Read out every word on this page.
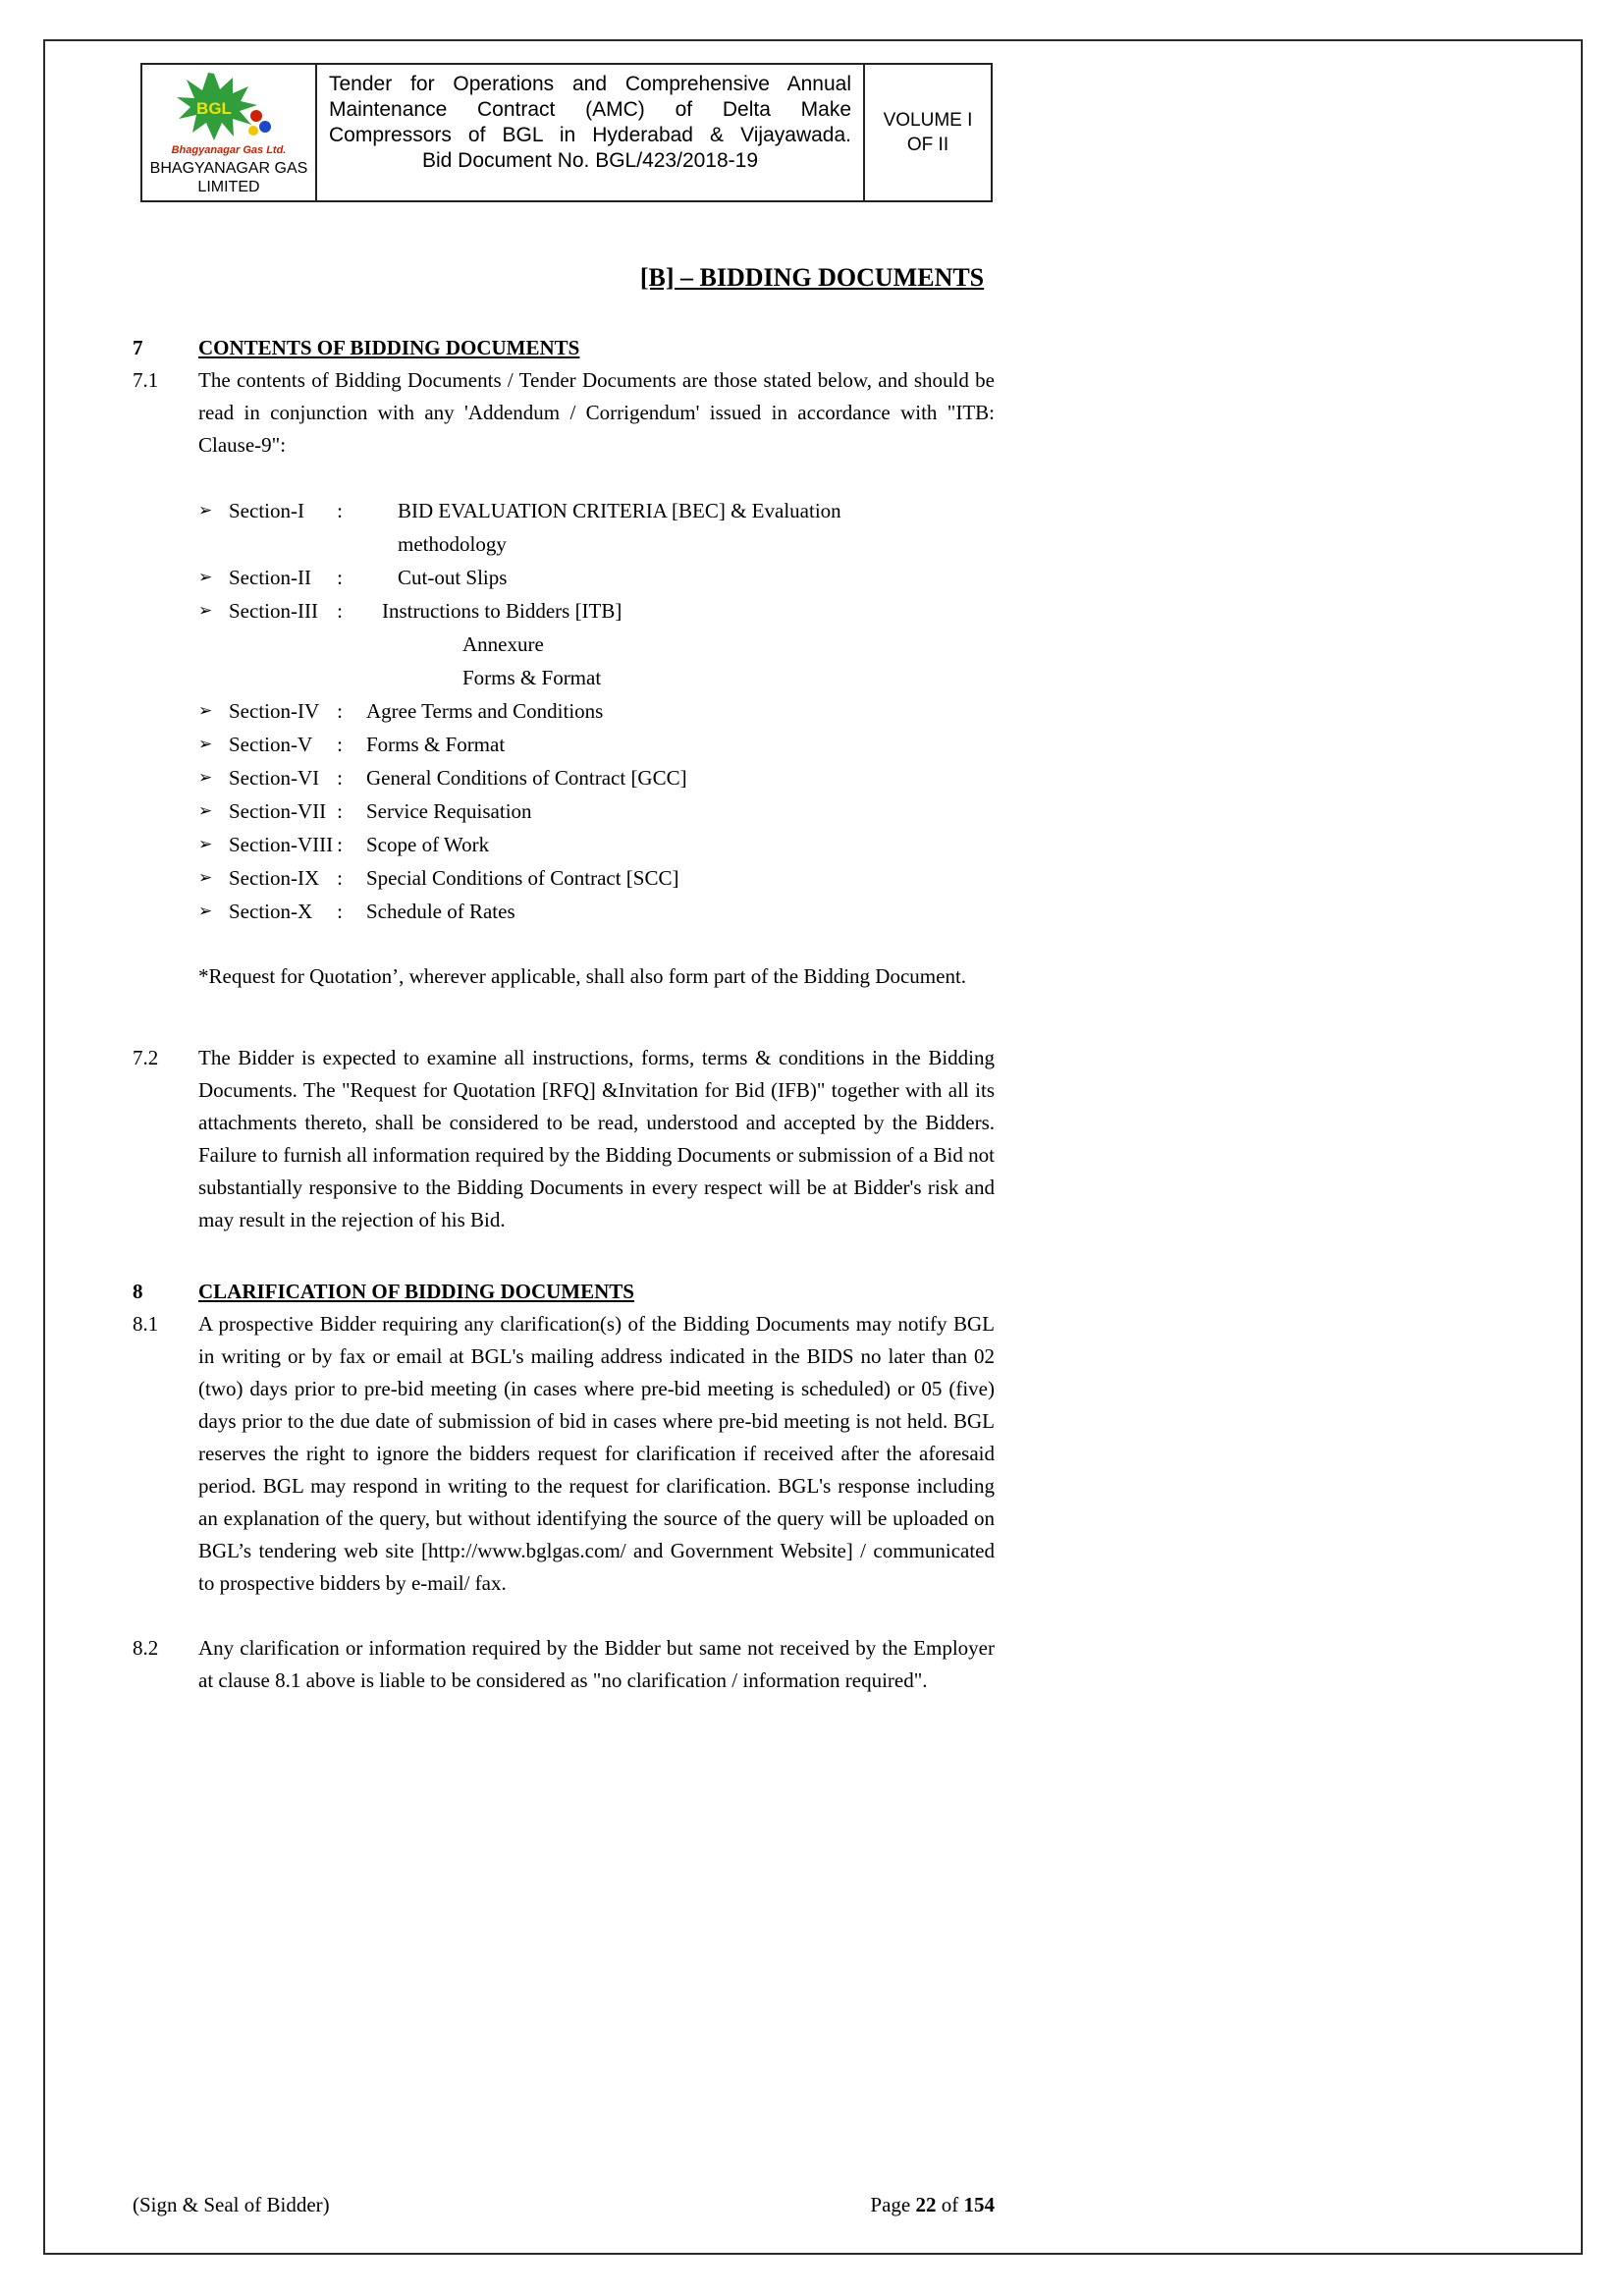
BGL
Bhagyanagar Gas Ltd.
BHAGYANAGAR GAS
LIMITED
Tender for Operations and Comprehensive Annual
Maintenance Contract (AMC) of Delta Make
Compressors of BGL in Hyderabad & Vijayawada.
Bid Document No. BGL/423/2018-19
VOLUME I
OF II
[B] – BIDDING DOCUMENTS
7	CONTENTS OF BIDDING DOCUMENTS
7.1	The contents of Bidding Documents / Tender Documents are those stated below, and should be read in conjunction with any 'Addendum / Corrigendum' issued in accordance with "ITB: Clause-9":
➢ Section-I :	BID EVALUATION CRITERIA [BEC] & Evaluation
methodology
➢ Section-II :	Cut-out Slips
➢ Section-III : Instructions to Bidders [ITB]
Annexure
Forms & Format
➢ Section-IV : Agree Terms and Conditions
➢ Section-V : Forms & Format
➢ Section-VI : General Conditions of Contract [GCC]
➢ Section-VII : Service Requisation
➢ Section-VIII : Scope of Work
➢ Section-IX : Special Conditions of Contract [SCC]
➢ Section-X : Schedule of Rates
*Request for Quotation’, wherever applicable, shall also form part of the Bidding Document.
7.2	The Bidder is expected to examine all instructions, forms, terms & conditions in the Bidding Documents. The "Request for Quotation [RFQ] &Invitation for Bid (IFB)" together with all its attachments thereto, shall be considered to be read, understood and accepted by the Bidders. Failure to furnish all information required by the Bidding Documents or submission of a Bid not substantially responsive to the Bidding Documents in every respect will be at Bidder's risk and may result in the rejection of his Bid.
8	CLARIFICATION OF BIDDING DOCUMENTS
8.1	A prospective Bidder requiring any clarification(s) of the Bidding Documents may notify BGL in writing or by fax or email at BGL's mailing address indicated in the BIDS no later than 02 (two) days prior to pre-bid meeting (in cases where pre-bid meeting is scheduled) or 05 (five) days prior to the due date of submission of bid in cases where pre-bid meeting is not held. BGL reserves the right to ignore the bidders request for clarification if received after the aforesaid period. BGL may respond in writing to the request for clarification. BGL's response including an explanation of the query, but without identifying the source of the query will be uploaded on BGL’s tendering web site [http://www.bglgas.com/ and Government Website] / communicated to prospective bidders by e-mail/ fax.
8.2	Any clarification or information required by the Bidder but same not received by the Employer at clause 8.1 above is liable to be considered as "no clarification / information required".
(Sign & Seal of Bidder)	Page 22 of 154
